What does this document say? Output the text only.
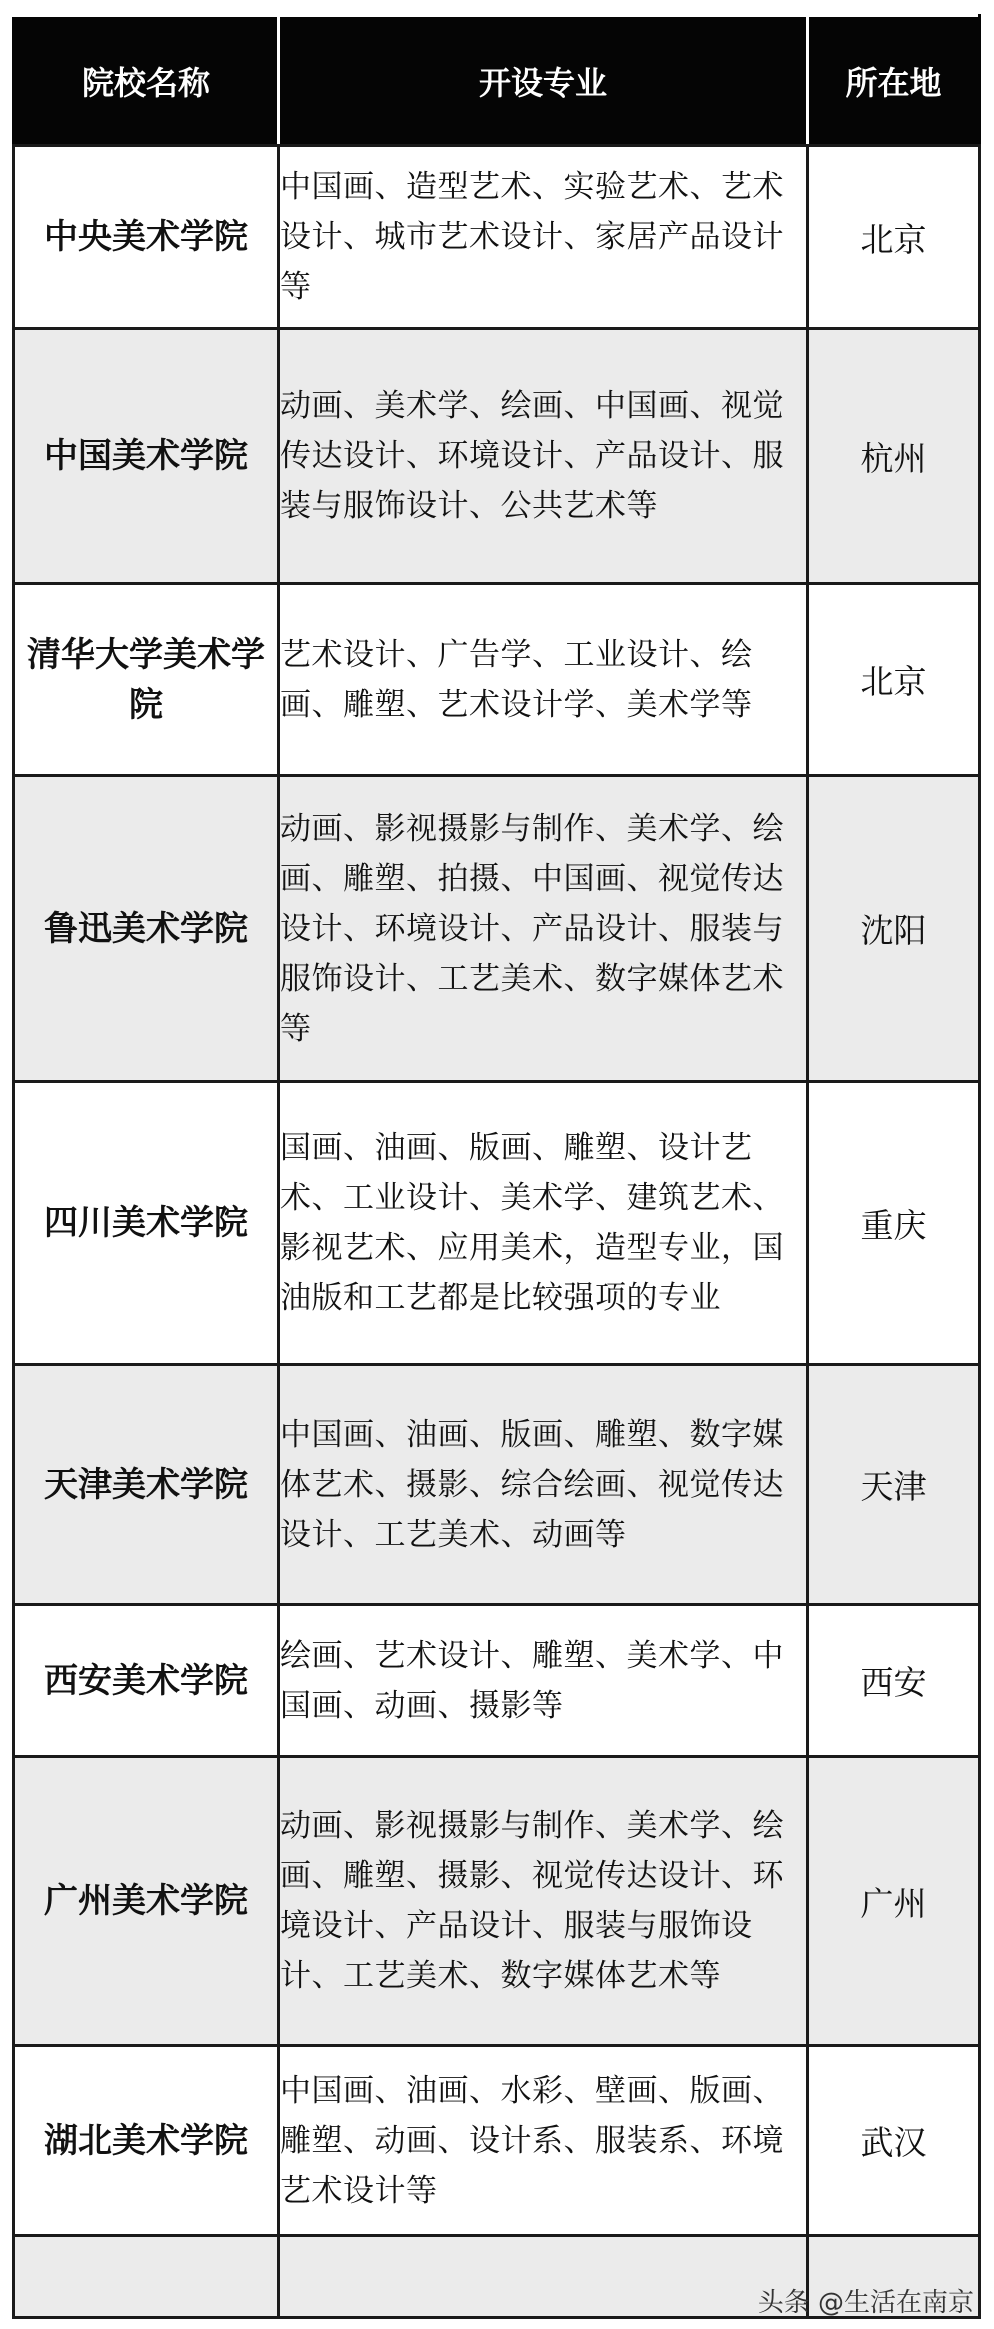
院校名称	开设专业	所在地
中央美术学院	中国画、造型艺术、实验艺术、艺术设计、城市艺术设计、家居产品设计等	北京
中国美术学院	动画、美术学、绘画、中国画、视觉传达设计、环境设计、产品设计、服装与服饰设计、公共艺术等	杭州
清华大学美术学院	艺术设计、广告学、工业设计、绘画、雕塑、艺术设计学、美术学等	北京
鲁迅美术学院	动画、影视摄影与制作、美术学、绘画、雕塑、拍摄、中国画、视觉传达设计、环境设计、产品设计、服装与服饰设计、工艺美术、数字媒体艺术等	沈阳
四川美术学院	国画、油画、版画、雕塑、设计艺术、工业设计、美术学、建筑艺术、影视艺术、应用美术，造型专业，国油版和工艺都是比较强项的专业	重庆
天津美术学院	中国画、油画、版画、雕塑、数字媒体艺术、摄影、综合绘画、视觉传达设计、工艺美术、动画等	天津
西安美术学院	绘画、艺术设计、雕塑、美术学、中国画、动画、摄影等	西安
广州美术学院	动画、影视摄影与制作、美术学、绘画、雕塑、摄影、视觉传达设计、环境设计、产品设计、服装与服饰设计、工艺美术、数字媒体艺术等	广州
湖北美术学院	中国画、油画、水彩、壁画、版画、雕塑、动画、设计系、服装系、环境艺术设计等	武汉

头条 @生活在南京
